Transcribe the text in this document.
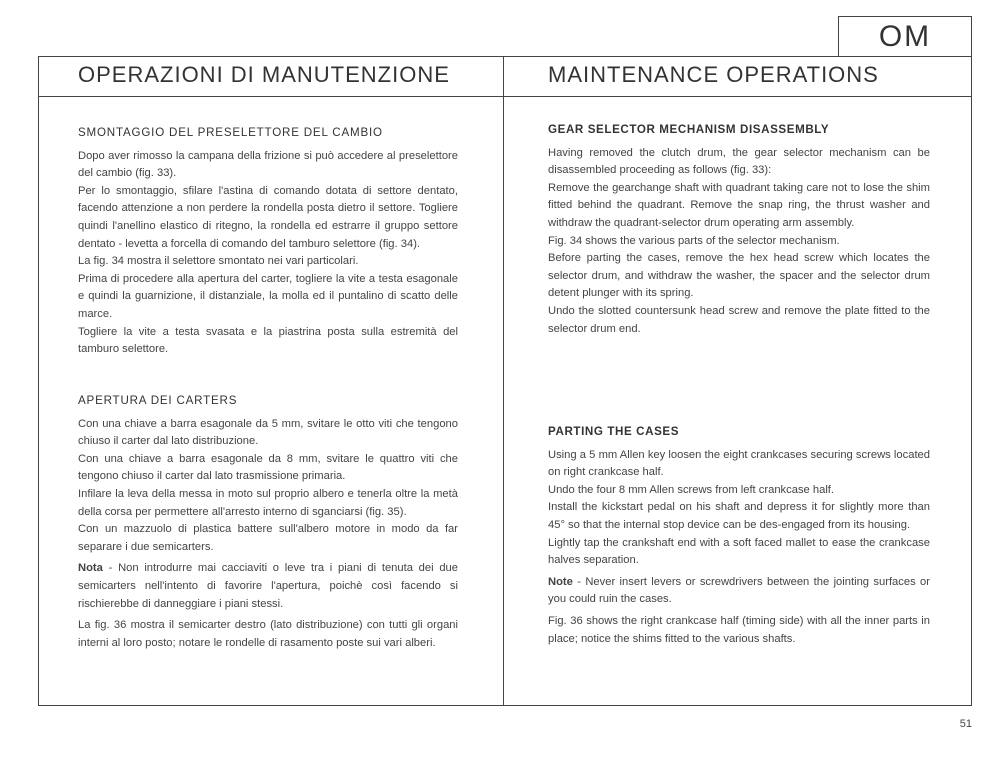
OM
OPERAZIONI DI MANUTENZIONE	MAINTENANCE OPERATIONS
SMONTAGGIO DEL PRESELETTORE DEL CAMBIO

Dopo aver rimosso la campana della frizione si può accedere al preselettore del cambio (fig. 33).

Per lo smontaggio, sfilare l'astina di comando dotata di settore dentato, facendo attenzione a non perdere la rondella posta dietro il settore. Togliere quindi l'anellino elastico di ritegno, la rondella ed estrarre il gruppo settore dentato - levetta a forcella di comando del tamburo selettore (fig. 34).

La fig. 34 mostra il selettore smontato nei vari particolari.

Prima di procedere alla apertura del carter, togliere la vite a testa esagonale e quindi la guarnizione, il distanziale, la molla ed il puntalino di scatto delle marce.

Togliere la vite a testa svasata e la piastrina posta sulla estremità del tamburo selettore.

APERTURA DEI CARTERS

Con una chiave a barra esagonale da 5 mm, svitare le otto viti che tengono chiuso il carter dal lato distribuzione.

Con una chiave a barra esagonale da 8 mm, svitare le quattro viti che tengono chiuso il carter dal lato trasmissione primaria.

Infilare la leva della messa in moto sul proprio albero e tenerla oltre la metà della corsa per permettere all'arresto interno di sganciarsi (fig. 35).

Con un mazzuolo di plastica battere sull'albero motore in modo da far separare i due semicarters.

Nota - Non introdurre mai cacciaviti o leve tra i piani di tenuta dei due semicarters nell'intento di favorire l'apertura, poichè così facendo si rischierebbe di danneggiare i piani stessi.

La fig. 36 mostra il semicarter destro (lato distribuzione) con tutti gli organi interni al loro posto; notare le rondelle di rasamento poste sui vari alberi.

GEAR SELECTOR MECHANISM DISASSEMBLY

Having removed the clutch drum, the gear selector mechanism can be disassembled proceeding as follows (fig. 33):

Remove the gearchange shaft with quadrant taking care not to lose the shim fitted behind the quadrant. Remove the snap ring, the thrust washer and withdraw the quadrant-selector drum operating arm assembly.

Fig. 34 shows the various parts of the selector mechanism.

Before parting the cases, remove the hex head screw which locates the selector drum, and withdraw the washer, the spacer and the selector drum detent plunger with its spring.

Undo the slotted countersunk head screw and remove the plate fitted to the selector drum end.

PARTING THE CASES

Using a 5 mm Allen key loosen the eight crankcases securing screws located on right crankcase half.

Undo the four 8 mm Allen screws from left crankcase half.

Install the kickstart pedal on his shaft and depress it for slightly more than 45° so that the internal stop device can be des-engaged from its housing.

Lightly tap the crankshaft end with a soft faced mallet to ease the crankcase halves separation.

Note - Never insert levers or screwdrivers between the jointing surfaces or you could ruin the cases.

Fig. 36 shows the right crankcase half (timing side) with all the inner parts in place; notice the shims fitted to the various shafts.

51
